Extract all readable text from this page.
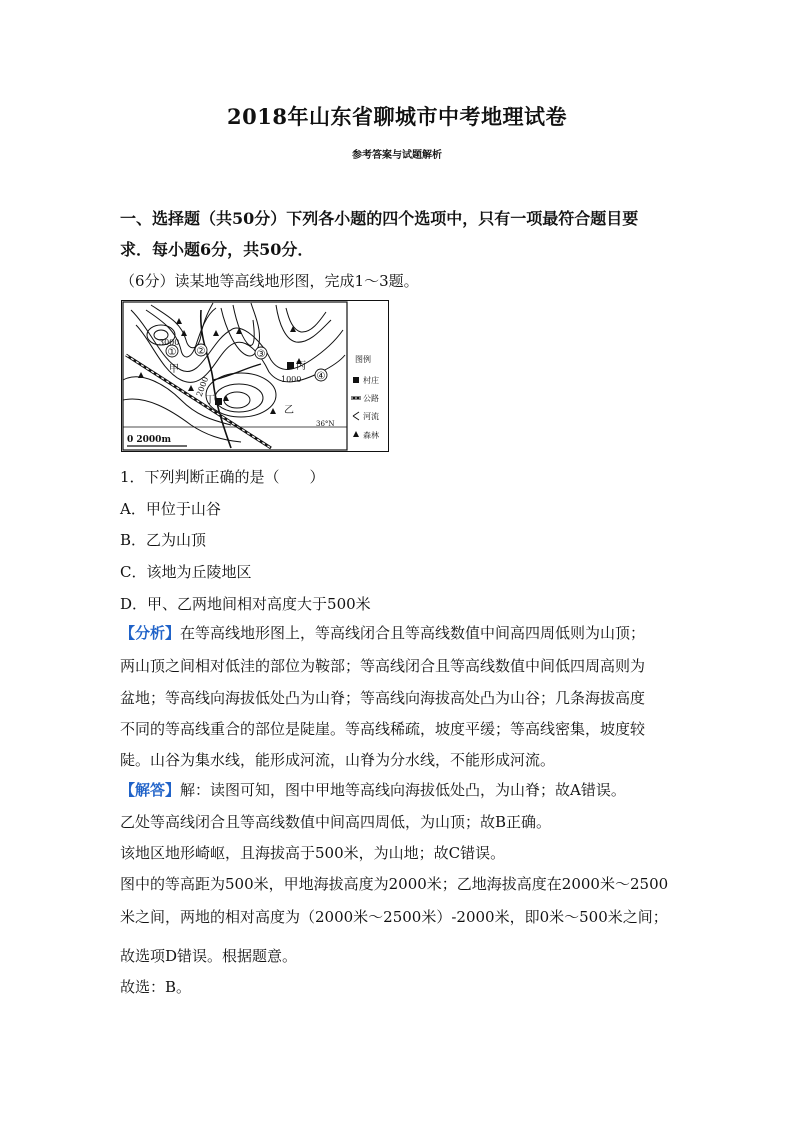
2018年山东省聊城市中考地理试卷
参考答案与试题解析
一、选择题（共50分）下列各小题的四个选项中，只有一项最符合题目要
求．每小题6分，共50分．
（6分）读某地等高线地形图，完成1～3题。
3000
2000	1000
① ②	③
④
甲
乙
丙
丁
36°N
0 2000m
图例
村庄
公路
河流
森林
1．下列判断正确的是（　　）
A．甲位于山谷
B．乙为山顶
C．该地为丘陵地区
D．甲、乙两地间相对高度大于500米
【分析】在等高线地形图上，等高线闭合且等高线数值中间高四周低则为山顶；
两山顶之间相对低洼的部位为鞍部；等高线闭合且等高线数值中间低四周高则为
盆地；等高线向海拔低处凸为山脊；等高线向海拔高处凸为山谷；几条海拔高度
不同的等高线重合的部位是陡崖。等高线稀疏，坡度平缓；等高线密集，坡度较
陡。山谷为集水线，能形成河流，山脊为分水线，不能形成河流。
【解答】解：读图可知，图中甲地等高线向海拔低处凸，为山脊；故A错误。
乙处等高线闭合且等高线数值中间高四周低，为山顶；故B正确。
该地区地形崎岖，且海拔高于500米，为山地；故C错误。
图中的等高距为500米，甲地海拔高度为2000米；乙地海拔高度在2000米～2500
米之间，两地的相对高度为（2000米～2500米）-2000米，即0米～500米之间；
故选项D错误。根据题意。
故选：B。
